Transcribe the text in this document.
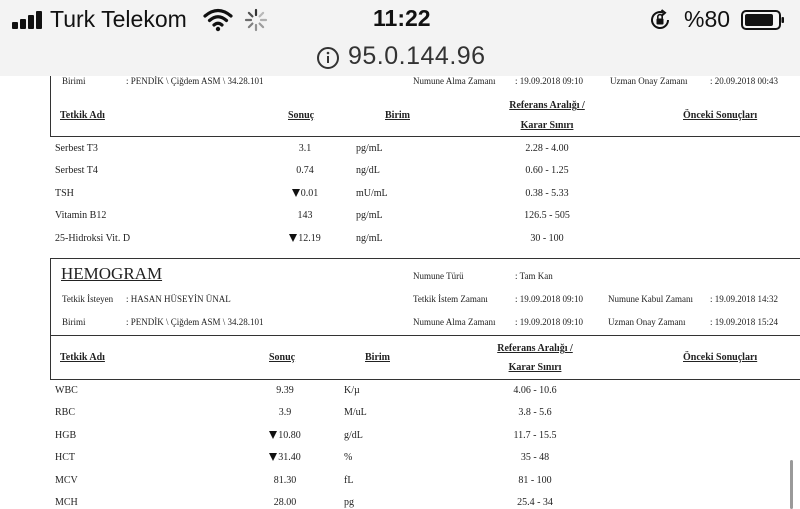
Turk Telekom	11:22	%80
95.0.144.96
Birimi	: PENDİK \ Çiğdem ASM \ 34.28.101	Numune Alma Zamanı : 19.09.2018 09:10	Uzman Onay Zamanı	: 20.09.2018 00:43
Tetkik Adı	Sonuç	Birim
Referans Aralığı /
Karar Sınırı
Önceki Sonuçları
Serbest T3	3.1	pg/mL	2.28 - 4.00
Serbest T4	0.74	ng/dL	0.60 - 1.25
TSH	0.01	mU/mL	0.38 - 5.33
Vitamin B12	143	pg/mL	126.5 - 505
25-Hidroksi Vit. D	12.19	ng/mL	30 - 100
HEMOGRAM	Numune Türü	: Tam Kan
Tetkik İsteyen : HASAN HÜSEYİN ÜNAL	Tetkik İstem Zamanı	: 19.09.2018 09:10	Numune Kabul Zamanı : 19.09.2018 14:32
Birimi	: PENDİK \ Çiğdem ASM \ 34.28.101	Numune Alma Zamanı : 19.09.2018 09:10	Uzman Onay Zamanı	: 19.09.2018 15:24
Tetkik Adı	Sonuç	Birim
Referans Aralığı /
Karar Sınırı
Önceki Sonuçları
WBC	9.39	K/µ	4.06 - 10.6
RBC	3.9	M/uL	3.8 - 5.6
HGB	10.80	g/dL	11.7 - 15.5
HCT	31.40	%	35 - 48
MCV	81.30	fL	81 - 100
MCH	28.00	pg	25.4 - 34
